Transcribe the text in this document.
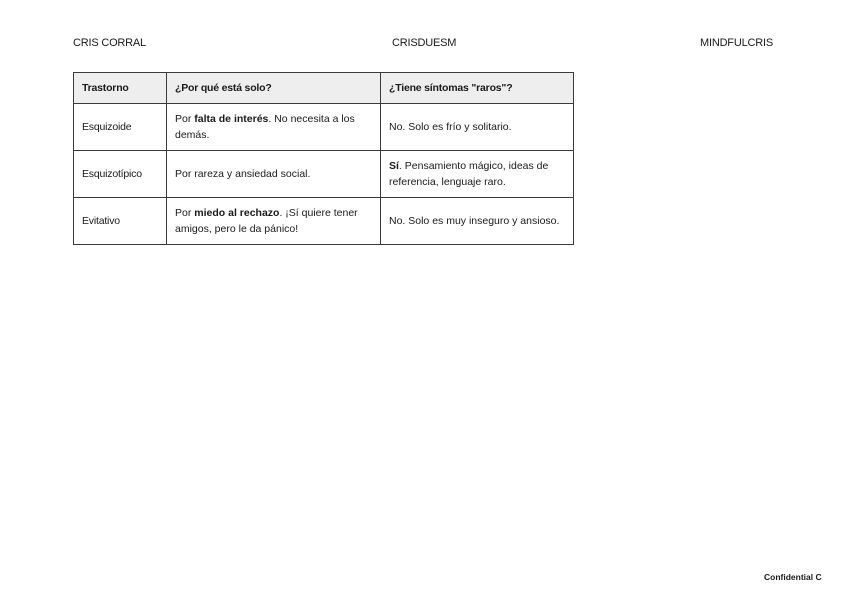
CRIS CORRAL	CRISDUESM	MINDFULCRIS
Trastorno	¿Por qué está solo?	¿Tiene síntomas "raros"?
Esquizoide	Por falta de interés. No necesita a los demás.	No. Solo es frío y solitario.
Esquizotípico	Por rareza y ansiedad social.	Sí. Pensamiento mágico, ideas de referencia, lenguaje raro.
Evitativo	Por miedo al rechazo. ¡Sí quiere tener amigos, pero le da pánico!	No. Solo es muy inseguro y ansioso.
Confidential C
